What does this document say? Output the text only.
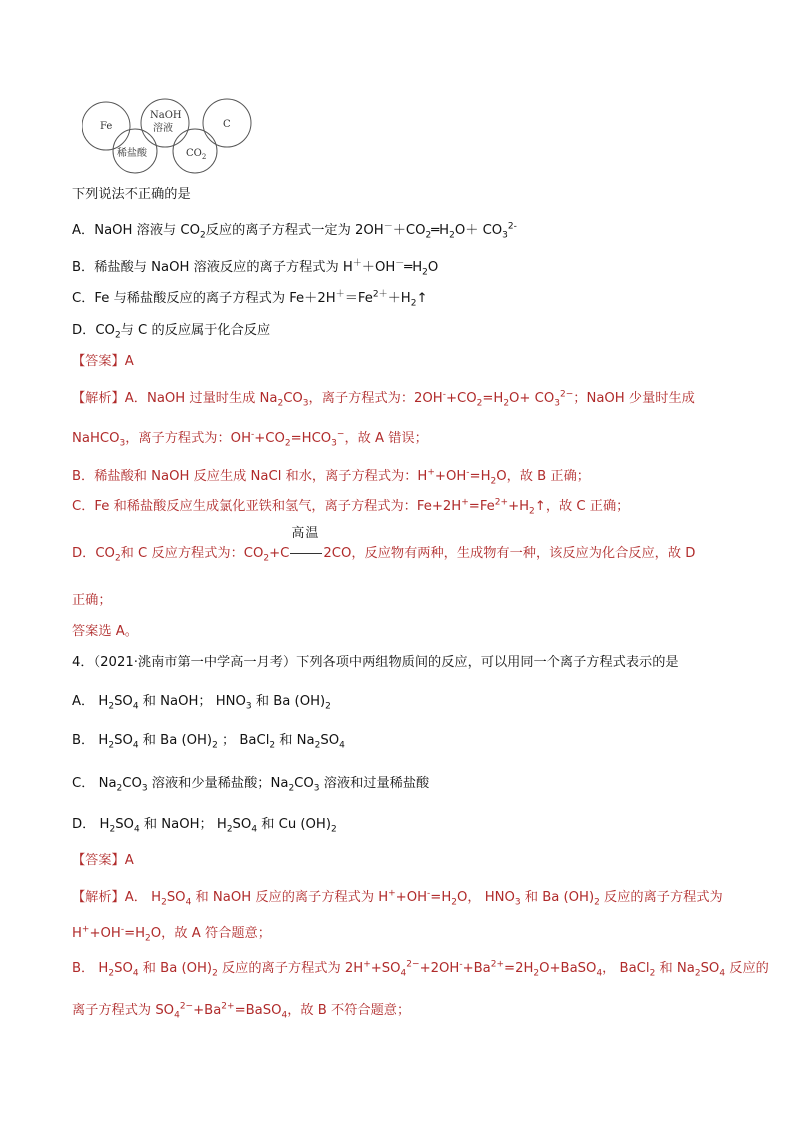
Fe
稀盐酸
NaOH
溶液
$CO_2$
C
下列说法不正确的是
A．NaOH 溶液与 $CO_2$反应的离子方程式一定为 $2OH^-+CO_2═H_2O+ CO_3^{2-}$
B．稀盐酸与 NaOH 溶液反应的离子方程式为 $H^++OH^-═H_2O$
C．Fe 与稀盐酸反应的离子方程式为 $Fe+2H^+=Fe^{2+}+H_2↑$
D．$CO_2$与 C 的反应属于化合反应
【答案】A
【解析】A．NaOH 过量时生成 $Na_2CO_3$，离子方程式为：$2OH^-+CO_2=H_2O+ CO_3^{2-}$；NaOH 少量时生成
NaHCO$_3$，离子方程式为：$OH^-+CO_2=HCO_3^-$，故 A 错误；
B．稀盐酸和 NaOH 反应生成 NaCl 和水，离子方程式为：$H^++OH^-=H_2O$，故 B 正确；
C．Fe 和稀盐酸反应生成氯化亚铁和氢气，离子方程式为：$Fe+2H^+=Fe^{2+}+H_2↑$，故 C 正确；
D．$CO_2$和 C 反应方程式为：$CO_2+C$
高温
2CO，反应物有两种，生成物有一种，该反应为化合反应，故 D
正确；
答案选 A。
4．（2021·洮南市第一中学高一月考）下列各项中两组物质间的反应，可以用同一个离子方程式表示的是
A． $H_2SO_4$ 和 NaOH； $HNO_3$ 和 Ba $(OH)_2$
B． $H_2SO_4$ 和 Ba $(OH)_2$ ； BaCl$_2$ 和 $Na_2SO_4$
C． $Na_2CO_3$ 溶液和少量稀盐酸；$Na_2CO_3$ 溶液和过量稀盐酸
D． $H_2SO_4$ 和 NaOH； $H_2SO_4$ 和 Cu $(OH)_2$
【答案】A
【解析】A． $H_2SO_4$ 和 NaOH 反应的离子方程式为 $H^++OH^-=H_2O$， $HNO_3$ 和 Ba $(OH)_2$ 反应的离子方程式为
$H^++OH^-=H_2O$，故 A 符合题意；
B． $H_2SO_4$ 和 Ba $(OH)_2$ 反应的离子方程式为 $2H^++SO_4^{2-}+2OH^-+Ba^{2+}=2H_2O+BaSO_4$， BaCl$_2$ 和 $Na_2SO_4$ 反应的
离子方程式为 $SO_4^{2-}+Ba^{2+}=BaSO_4$，故 B 不符合题意；
